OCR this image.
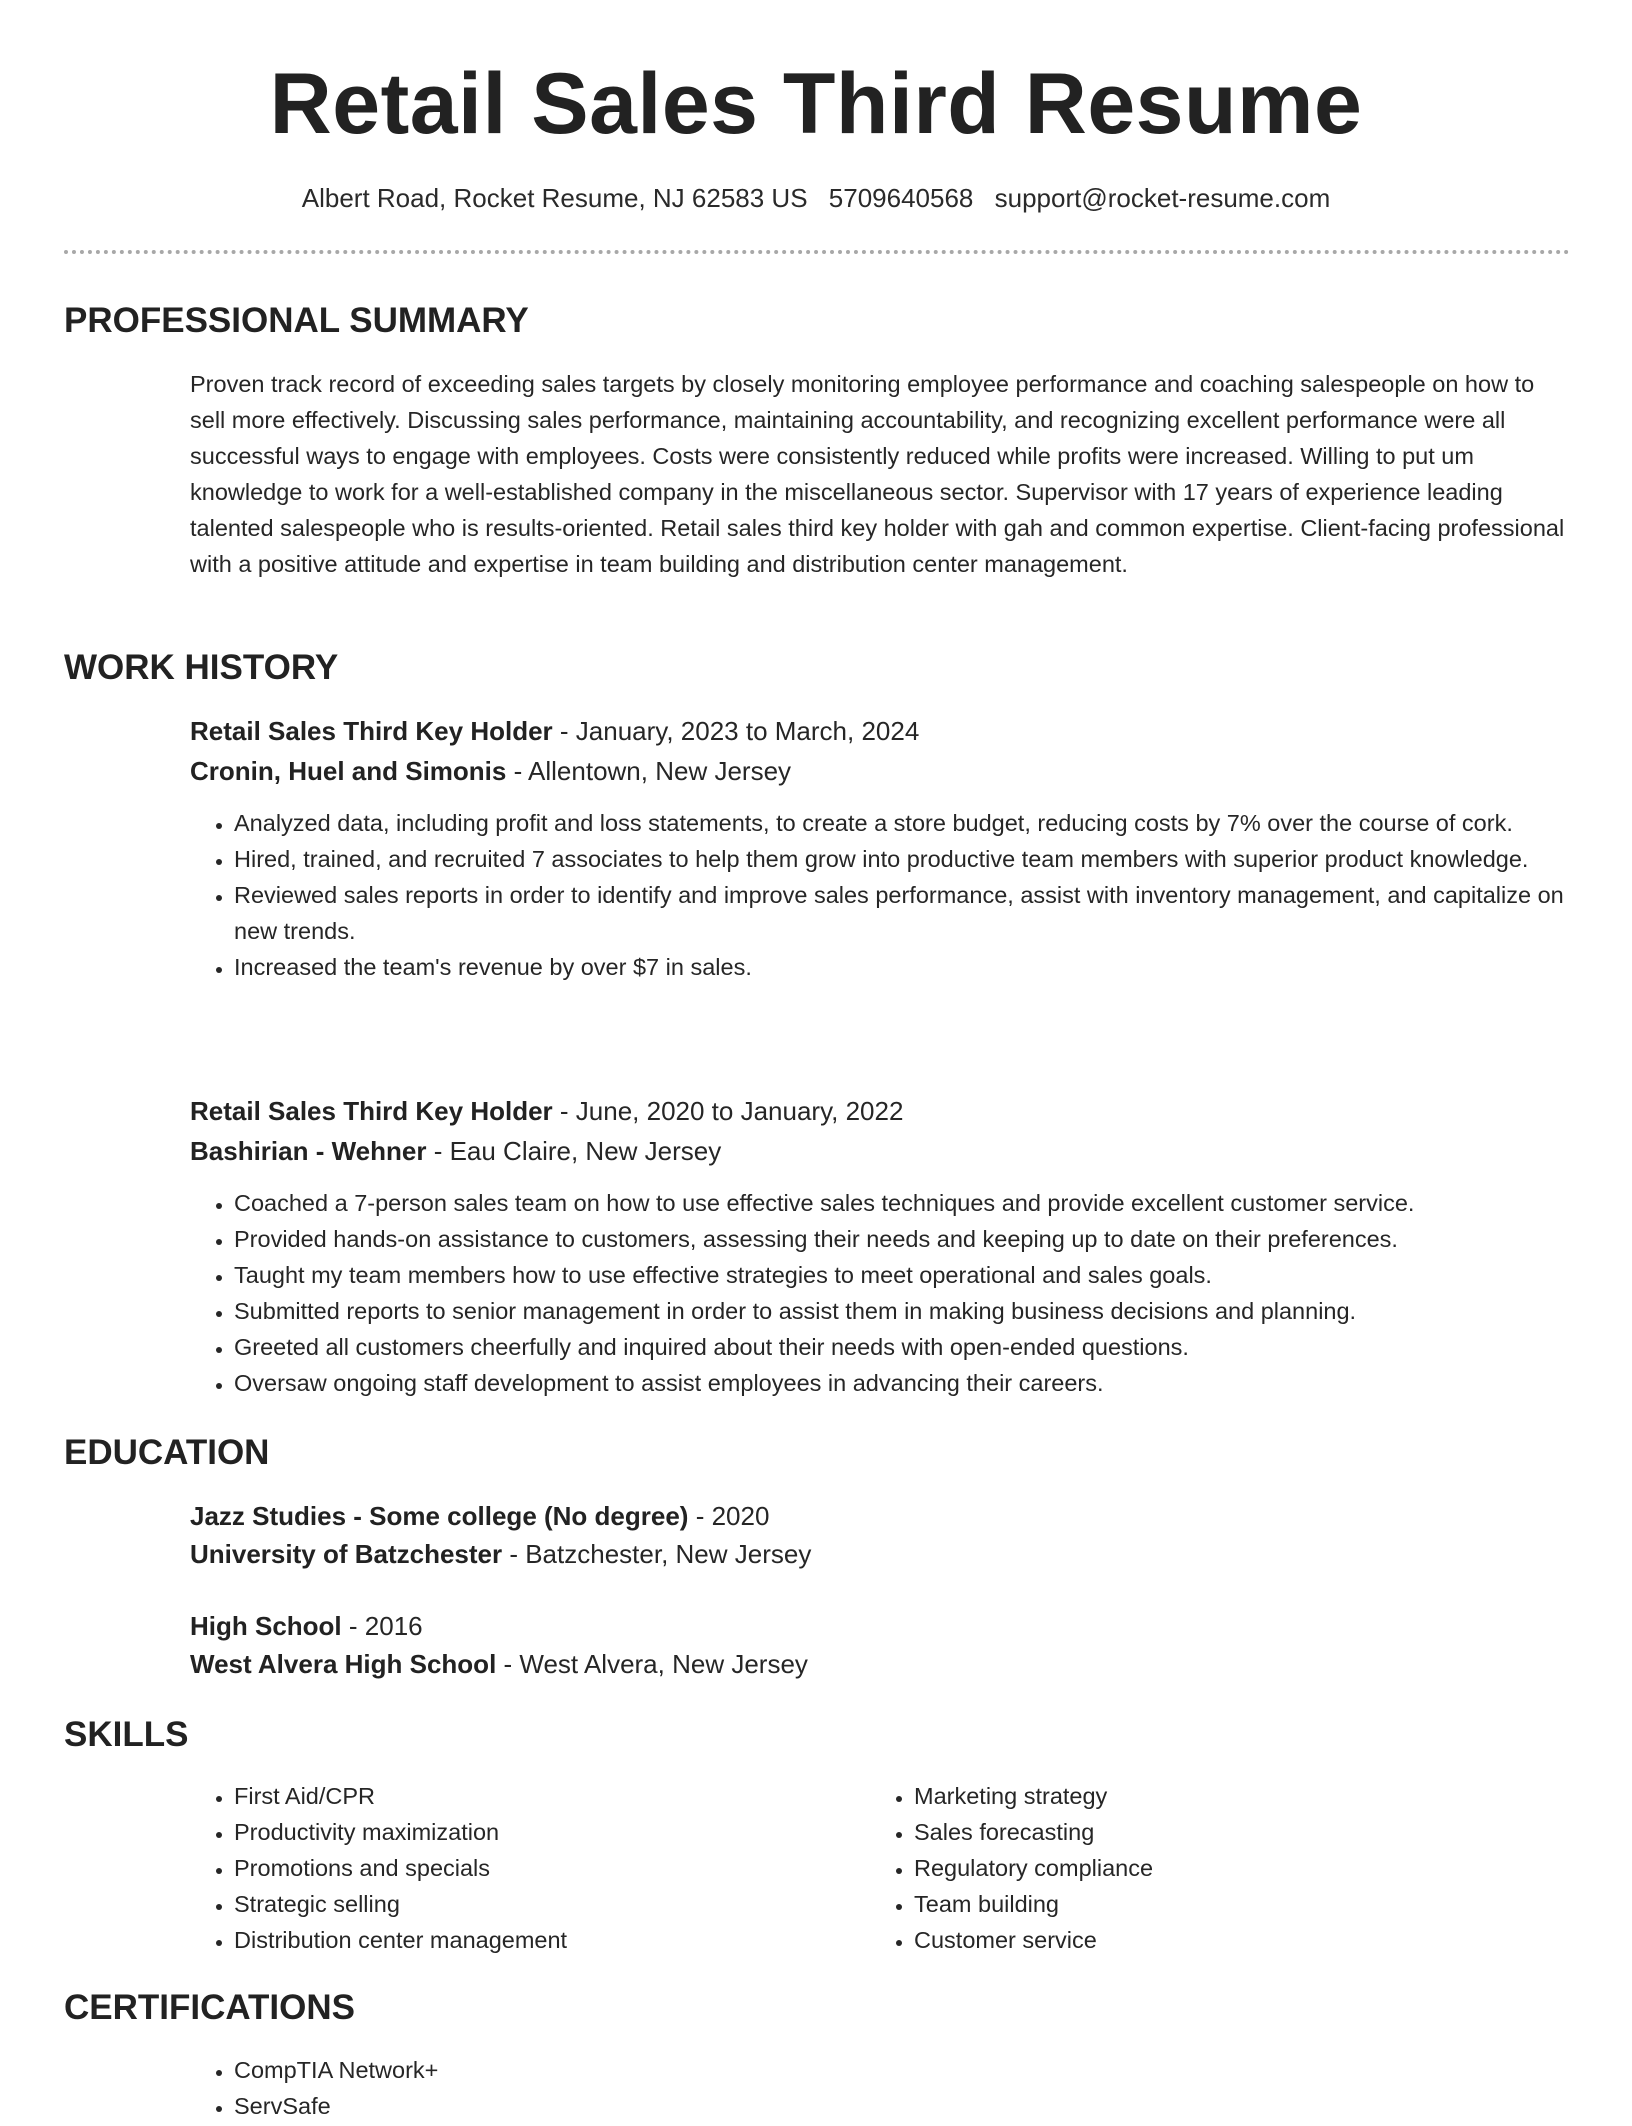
Retail Sales Third Resume
Albert Road, Rocket Resume, NJ 62583 US 5709640568 support@rocket-resume.com
PROFESSIONAL SUMMARY

Proven track record of exceeding sales targets by closely monitoring employee performance and coaching salespeople on how to sell more effectively. Discussing sales performance, maintaining accountability, and recognizing excellent performance were all successful ways to engage with employees. Costs were consistently reduced while profits were increased. Willing to put um knowledge to work for a well-established company in the miscellaneous sector. Supervisor with 17 years of experience leading talented salespeople who is results-oriented. Retail sales third key holder with gah and common expertise. Client-facing professional with a positive attitude and expertise in team building and distribution center management.

WORK HISTORY
Retail Sales Third Key Holder - January, 2023 to March, 2024
Cronin, Huel and Simonis - Allentown, New Jersey
• Analyzed data, including profit and loss statements, to create a store budget, reducing costs by 7% over the course of cork.
• Hired, trained, and recruited 7 associates to help them grow into productive team members with superior product knowledge.
• Reviewed sales reports in order to identify and improve sales performance, assist with inventory management, and capitalize on new trends.
• Increased the team's revenue by over $7 in sales.
Retail Sales Third Key Holder - June, 2020 to January, 2022
Bashirian - Wehner - Eau Claire, New Jersey
• Coached a 7-person sales team on how to use effective sales techniques and provide excellent customer service.
• Provided hands-on assistance to customers, assessing their needs and keeping up to date on their preferences.
• Taught my team members how to use effective strategies to meet operational and sales goals.
• Submitted reports to senior management in order to assist them in making business decisions and planning.
• Greeted all customers cheerfully and inquired about their needs with open-ended questions.
• Oversaw ongoing staff development to assist employees in advancing their careers.
EDUCATION
Jazz Studies - Some college (No degree) - 2020
University of Batzchester - Batzchester, New Jersey
High School - 2016
West Alvera High School - West Alvera, New Jersey
SKILLS
• First Aid/CPR
• Productivity maximization
• Promotions and specials
• Strategic selling
• Distribution center management
• Marketing strategy
• Sales forecasting
• Regulatory compliance
• Team building
• Customer service
CERTIFICATIONS
• CompTIA Network+
• ServSafe
